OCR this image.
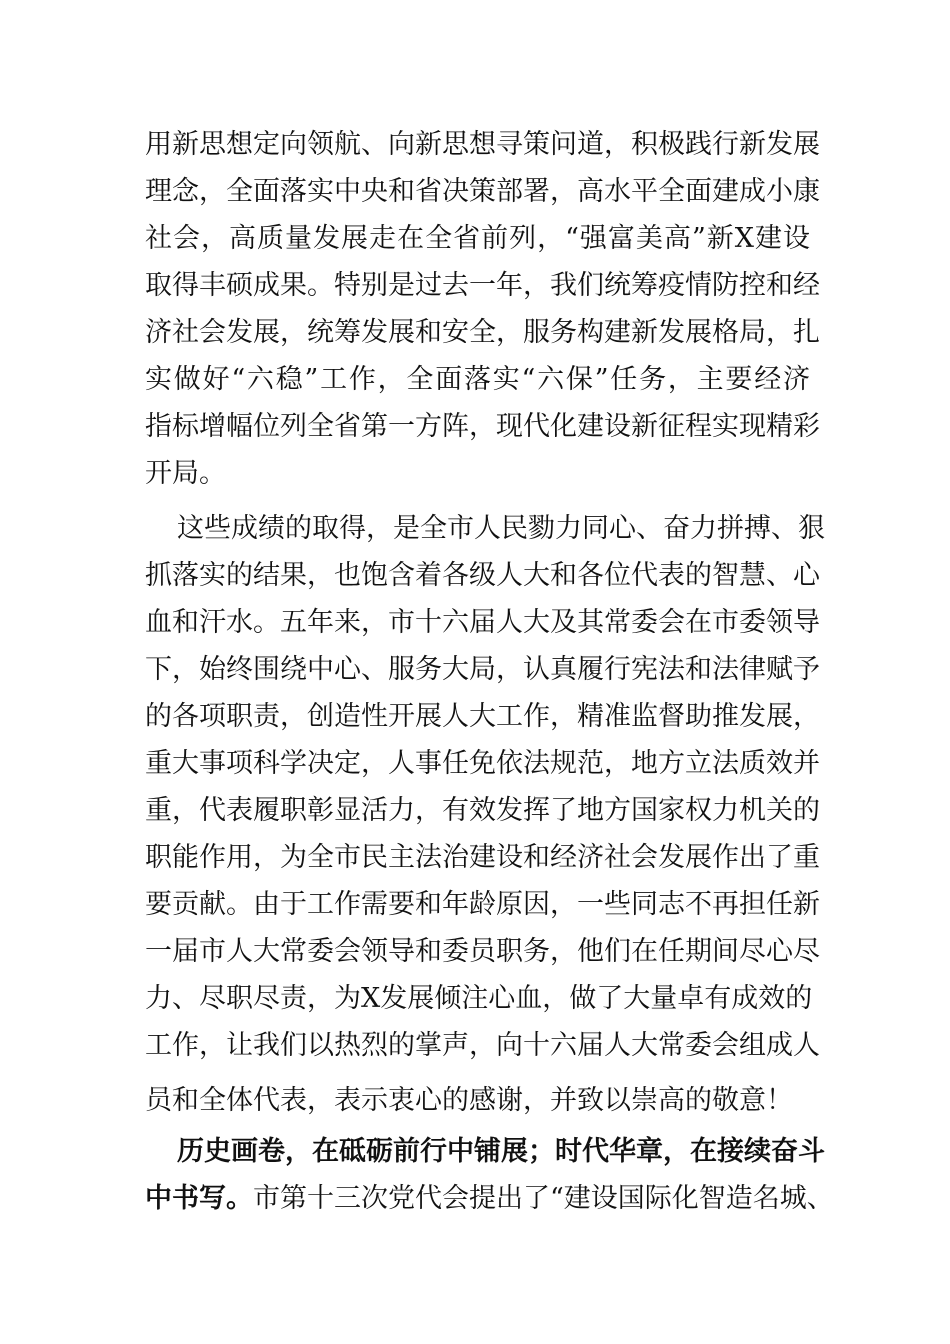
用新思想定向领航、向新思想寻策问道，积极践行新发展
理念，全面落实中央和省决策部署，高水平全面建成小康
社会，高质量发展走在全省前列，“强富美高”新X建设
取得丰硕成果。特别是过去一年，我们统筹疫情防控和经
济社会发展，统筹发展和安全，服务构建新发展格局，扎
实做好“六稳”工作，全面落实“六保”任务，主要经济
指标增幅位列全省第一方阵，现代化建设新征程实现精彩
开局。
这些成绩的取得，是全市人民勠力同心、奋力拼搏、狠
抓落实的结果，也饱含着各级人大和各位代表的智慧、心
血和汗水。五年来，市十六届人大及其常委会在市委领导
下，始终围绕中心、服务大局，认真履行宪法和法律赋予
的各项职责，创造性开展人大工作，精准监督助推发展，
重大事项科学决定，人事任免依法规范，地方立法质效并
重，代表履职彰显活力，有效发挥了地方国家权力机关的
职能作用，为全市民主法治建设和经济社会发展作出了重
要贡献。由于工作需要和年龄原因，一些同志不再担任新
一届市人大常委会领导和委员职务，他们在任期间尽心尽
力、尽职尽责，为X发展倾注心血，做了大量卓有成效的
工作，让我们以热烈的掌声，向十六届人大常委会组成人
员和全体代表，表示衷心的感谢，并致以崇高的敬意！
历史画卷，在砥砺前行中铺展；时代华章，在接续奋斗
中书写。市第十三次党代会提出了“建设国际化智造名城、
